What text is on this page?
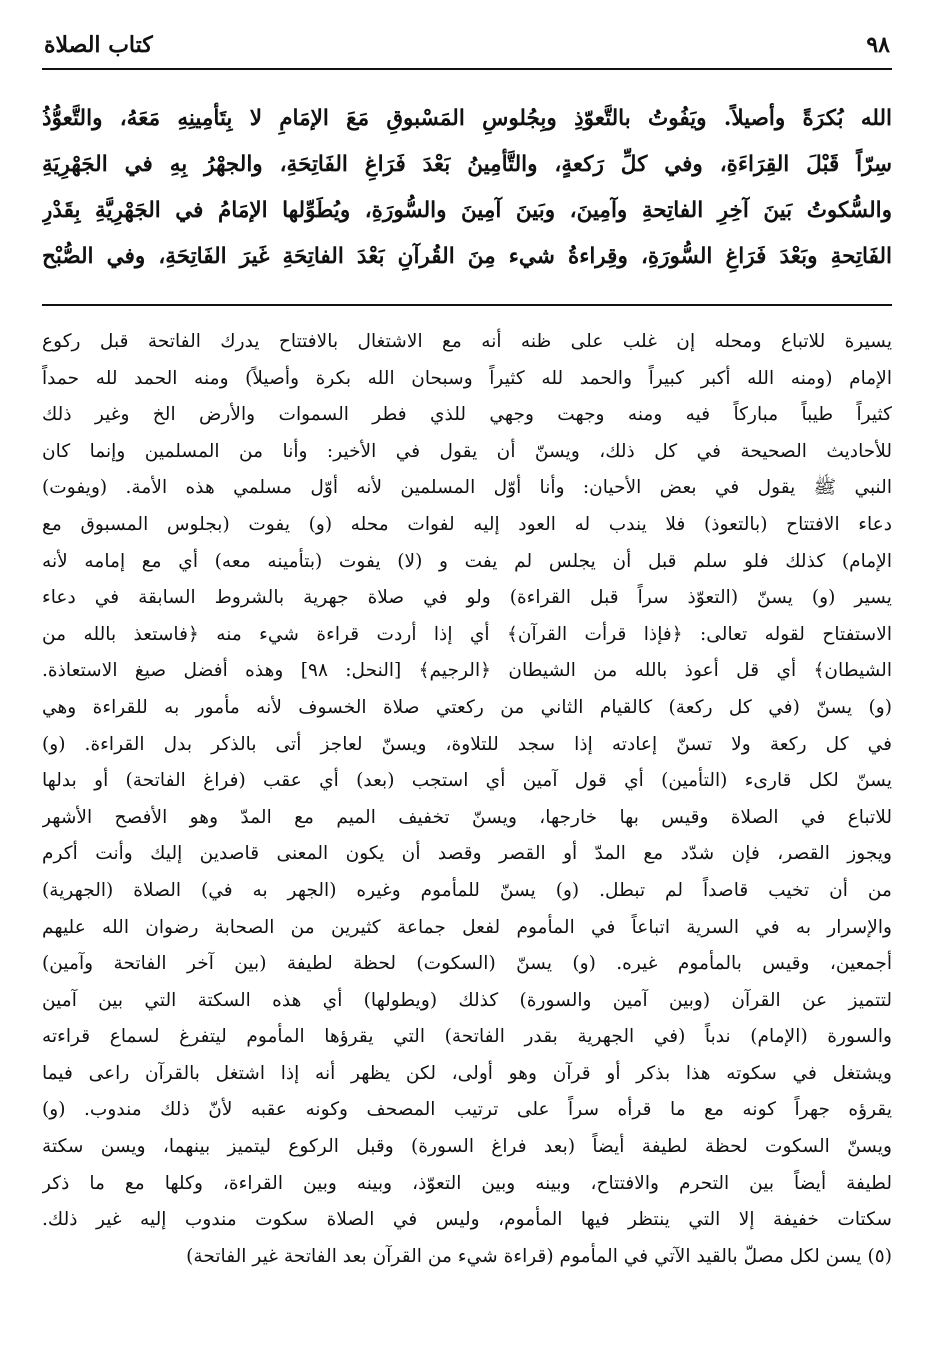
٩٨
كتاب الصلاة
الله بُكرَةً وأصيلاً. ويَفُوتُ بالتَّعوّذِ وبِجُلوسِ المَسْبوقِ مَعَ الإمَامِ لا بِتَأمِينِهِ مَعَهُ، والتَّعوُّذُ
سِرّاً قَبْلَ القِرَاءَةِ، وفي كلِّ رَكعةٍ، والتَّأمِينُ بَعْدَ فَرَاغِ الفَاتِحَةِ، والجهْرُ بِهِ في الجَهْرِيَةِ
والسُّكوتُ بَينَ آخِرِ الفاتِحةِ وآمِينَ، وبَينَ آمِينَ والسُّورَةِ، ويُطَوِّلها الإمَامُ في الجَهْرِيَّةِ بِقَدْرِ
الفَاتِحةِ وبَعْدَ فَرَاغِ السُّورَةِ، وقِراءةُ شيء مِنَ القُرآنِ بَعْدَ الفاتِحَةِ غَيرَ الفَاتِحَةِ، وفي الصُّبْح
يسيرة للاتباع ومحله إن غلب على ظنه أنه مع الاشتغال بالافتتاح يدرك الفاتحة قبل ركوع
الإمام (ومنه الله أكبر كبيراً والحمد لله كثيراً وسبحان الله بكرة وأصيلاً) ومنه الحمد لله حمداً
كثيراً طيباً مباركاً فيه ومنه وجهت وجهي للذي فطر السموات والأرض الخ وغير ذلك
للأحاديث الصحيحة في كل ذلك، ويسنّ أن يقول في الأخير: وأنا من المسلمين وإنما كان
النبي ﷺ يقول في بعض الأحيان: وأنا أوّل المسلمين لأنه أوّل مسلمي هذه الأمة. (ويفوت)
دعاء الافتتاح (بالتعوذ) فلا يندب له العود إليه لفوات محله (و) يفوت (بجلوس المسبوق مع
الإمام) كذلك فلو سلم قبل أن يجلس لم يفت و (لا) يفوت (بتأمينه معه) أي مع إمامه لأنه
يسير (و) يسنّ (التعوّذ سراً قبل القراءة) ولو في صلاة جهرية بالشروط السابقة في دعاء
الاستفتاح لقوله تعالى: ﴿فإذا قرأت القرآن﴾ أي إذا أردت قراءة شيء منه ﴿فاستعذ بالله من
الشيطان﴾ أي قل أعوذ بالله من الشيطان ﴿الرجيم﴾ [النحل: ٩٨] وهذه أفضل صيغ الاستعاذة.
(و) يسنّ (في كل ركعة) كالقيام الثاني من ركعتي صلاة الخسوف لأنه مأمور به للقراءة وهي
في كل ركعة ولا تسنّ إعادته إذا سجد للتلاوة، ويسنّ لعاجز أتى بالذكر بدل القراءة. (و)
يسنّ لكل قارىء (التأمين) أي قول آمين أي استجب (بعد) أي عقب (فراغ الفاتحة) أو بدلها
للاتباع في الصلاة وقيس بها خارجها، ويسنّ تخفيف الميم مع المدّ وهو الأفصح الأشهر
ويجوز القصر، فإن شدّد مع المدّ أو القصر وقصد أن يكون المعنى قاصدين إليك وأنت أكرم
من أن تخيب قاصداً لم تبطل. (و) يسنّ للمأموم وغيره (الجهر به في) الصلاة (الجهرية)
والإسرار به في السرية اتباعاً في المأموم لفعل جماعة كثيرين من الصحابة رضوان الله عليهم
أجمعين، وقيس بالمأموم غيره. (و) يسنّ (السكوت) لحظة لطيفة (بين آخر الفاتحة وآمين)
لتتميز عن القرآن (وبين آمين والسورة) كذلك (ويطولها) أي هذه السكتة التي بين آمين
والسورة (الإمام) ندباً (في الجهرية بقدر الفاتحة) التي يقرؤها المأموم ليتفرغ لسماع قراءته
ويشتغل في سكوته هذا بذكر أو قرآن وهو أولى، لكن يظهر أنه إذا اشتغل بالقرآن راعى فيما
يقرؤه جهراً كونه مع ما قرأه سراً على ترتيب المصحف وكونه عقبه لأنّ ذلك مندوب. (و)
ويسنّ السكوت لحظة لطيفة أيضاً (بعد فراغ السورة) وقبل الركوع ليتميز بينهما، ويسن سكتة
لطيفة أيضاً بين التحرم والافتتاح، وبينه وبين التعوّذ، وبينه وبين القراءة، وكلها مع ما ذكر
سكتات خفيفة إلا التي ينتظر فيها المأموم، وليس في الصلاة سكوت مندوب إليه غير ذلك.
(٥) يسن لكل مصلّ بالقيد الآتي في المأموم (قراءة شيء من القرآن بعد الفاتحة غير الفاتحة)
